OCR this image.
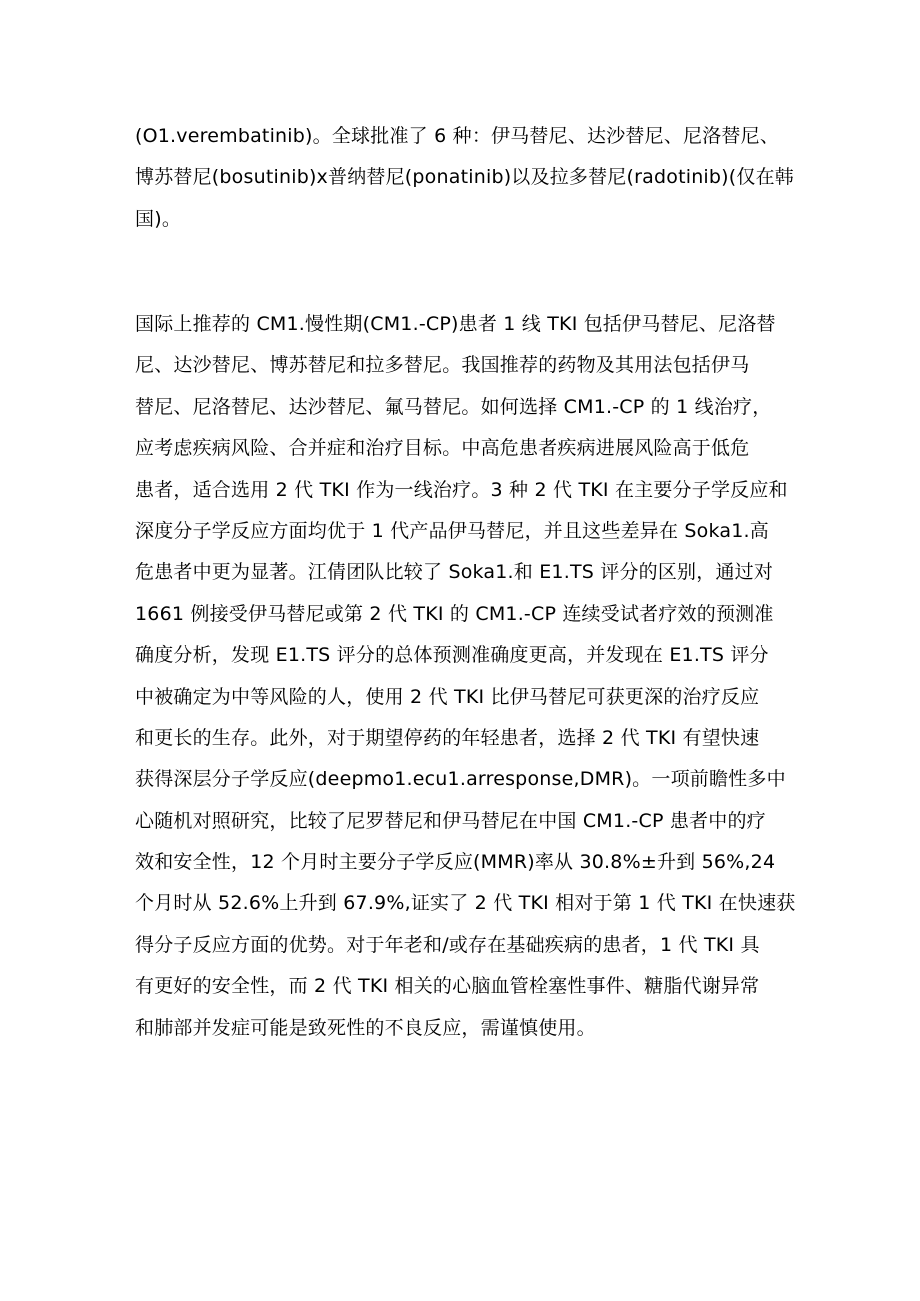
(O1.verembatinib)。全球批准了 6 种：伊马替尼、达沙替尼、尼洛替尼、
博苏替尼(bosutinib)x普纳替尼(ponatinib)以及拉多替尼(radotinib)(仅在韩
国)。
国际上推荐的 CM1.慢性期(CM1.-CP)患者 1 线 TKI 包括伊马替尼、尼洛替
尼、达沙替尼、博苏替尼和拉多替尼。我国推荐的药物及其用法包括伊马
替尼、尼洛替尼、达沙替尼、氟马替尼。如何选择 CM1.-CP 的 1 线治疗，
应考虑疾病风险、合并症和治疗目标。中高危患者疾病进展风险高于低危
患者，适合选用 2 代 TKI 作为一线治疗。3 种 2 代 TKI 在主要分子学反应和
深度分子学反应方面均优于 1 代产品伊马替尼，并且这些差异在 Soka1.高
危患者中更为显著。江倩团队比较了 Soka1.和 E1.TS 评分的区别，通过对
1661 例接受伊马替尼或第 2 代 TKI 的 CM1.-CP 连续受试者疗效的预测准
确度分析，发现 E1.TS 评分的总体预测准确度更高，并发现在 E1.TS 评分
中被确定为中等风险的人，使用 2 代 TKI 比伊马替尼可获更深的治疗反应
和更长的生存。此外，对于期望停药的年轻患者，选择 2 代 TKI 有望快速
获得深层分子学反应(deepmo1.ecu1.arresponse,DMR)。一项前瞻性多中
心随机对照研究，比较了尼罗替尼和伊马替尼在中国 CM1.-CP 患者中的疗
效和安全性，12 个月时主要分子学反应(MMR)率从 30.8%±升到 56%,24
个月时从 52.6%上升到 67.9%,证实了 2 代 TKI 相对于第 1 代 TKI 在快速获
得分子反应方面的优势。对于年老和/或存在基础疾病的患者，1 代 TKI 具
有更好的安全性，而 2 代 TKI 相关的心脑血管栓塞性事件、糖脂代谢异常
和肺部并发症可能是致死性的不良反应，需谨慎使用。
